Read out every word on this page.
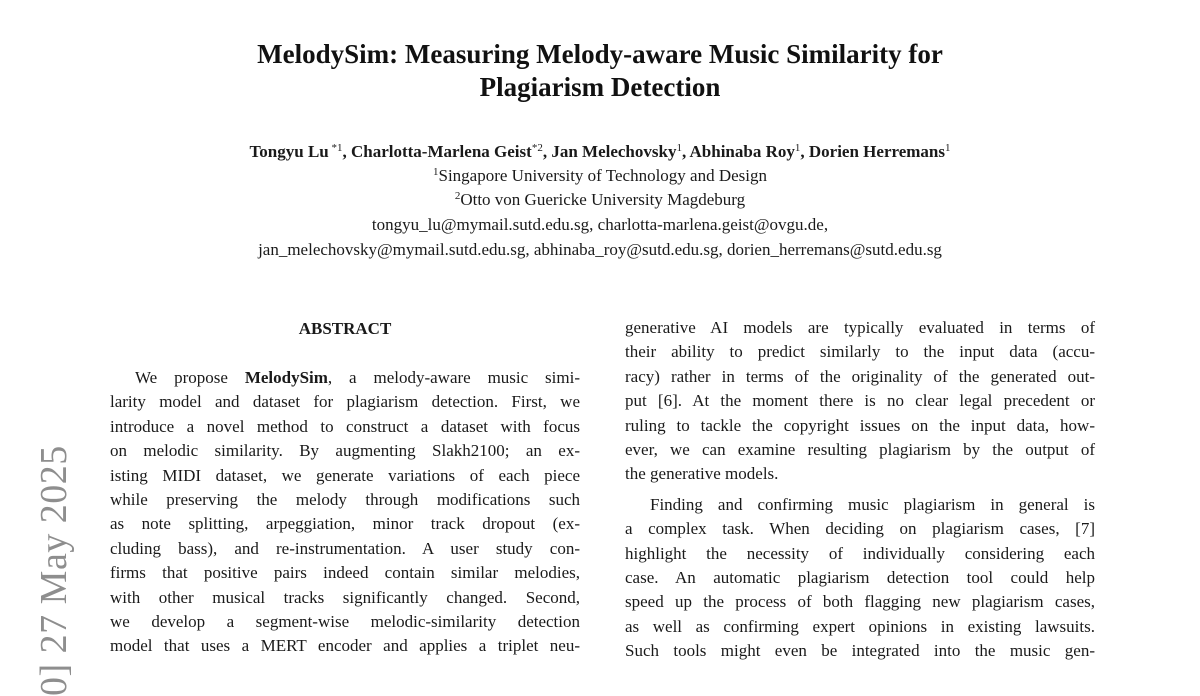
MelodySim: Measuring Melody-aware Music Similarity for
Plagiarism Detection
Tongyu Lu $^{*1}$, Charlotta-Marlena Geist$^{*2}$, Jan Melechovsky$^1$, Abhinaba Roy$^1$, Dorien Herremans$^1$
$^1$Singapore University of Technology and Design
$^2$Otto von Guericke University Magdeburg
tongyu_lu@mymail.sutd.edu.sg, charlotta-marlena.geist@ovgu.de,
jan_melechovsky@mymail.sutd.edu.sg, abhinaba_roy@sutd.edu.sg, dorien_herremans@sutd.edu.sg
0] 27 May 2025
ABSTRACT
We propose MelodySim, a melody-aware music simi-
larity model and dataset for plagiarism detection. First, we
introduce a novel method to construct a dataset with focus
on melodic similarity. By augmenting Slakh2100; an ex-
isting MIDI dataset, we generate variations of each piece
while preserving the melody through modifications such
as note splitting, arpeggiation, minor track dropout (ex-
cluding bass), and re-instrumentation. A user study con-
firms that positive pairs indeed contain similar melodies,
with other musical tracks significantly changed. Second,
we develop a segment-wise melodic-similarity detection
model that uses a MERT encoder and applies a triplet neu-
generative AI models are typically evaluated in terms of
their ability to predict similarly to the input data (accu-
racy) rather in terms of the originality of the generated out-
put [6]. At the moment there is no clear legal precedent or
ruling to tackle the copyright issues on the input data, how-
ever, we can examine resulting plagiarism by the output of
the generative models.
Finding and confirming music plagiarism in general is
a complex task. When deciding on plagiarism cases, [7]
highlight the necessity of individually considering each
case. An automatic plagiarism detection tool could help
speed up the process of both flagging new plagiarism cases,
as well as confirming expert opinions in existing lawsuits.
Such tools might even be integrated into the music gen-
